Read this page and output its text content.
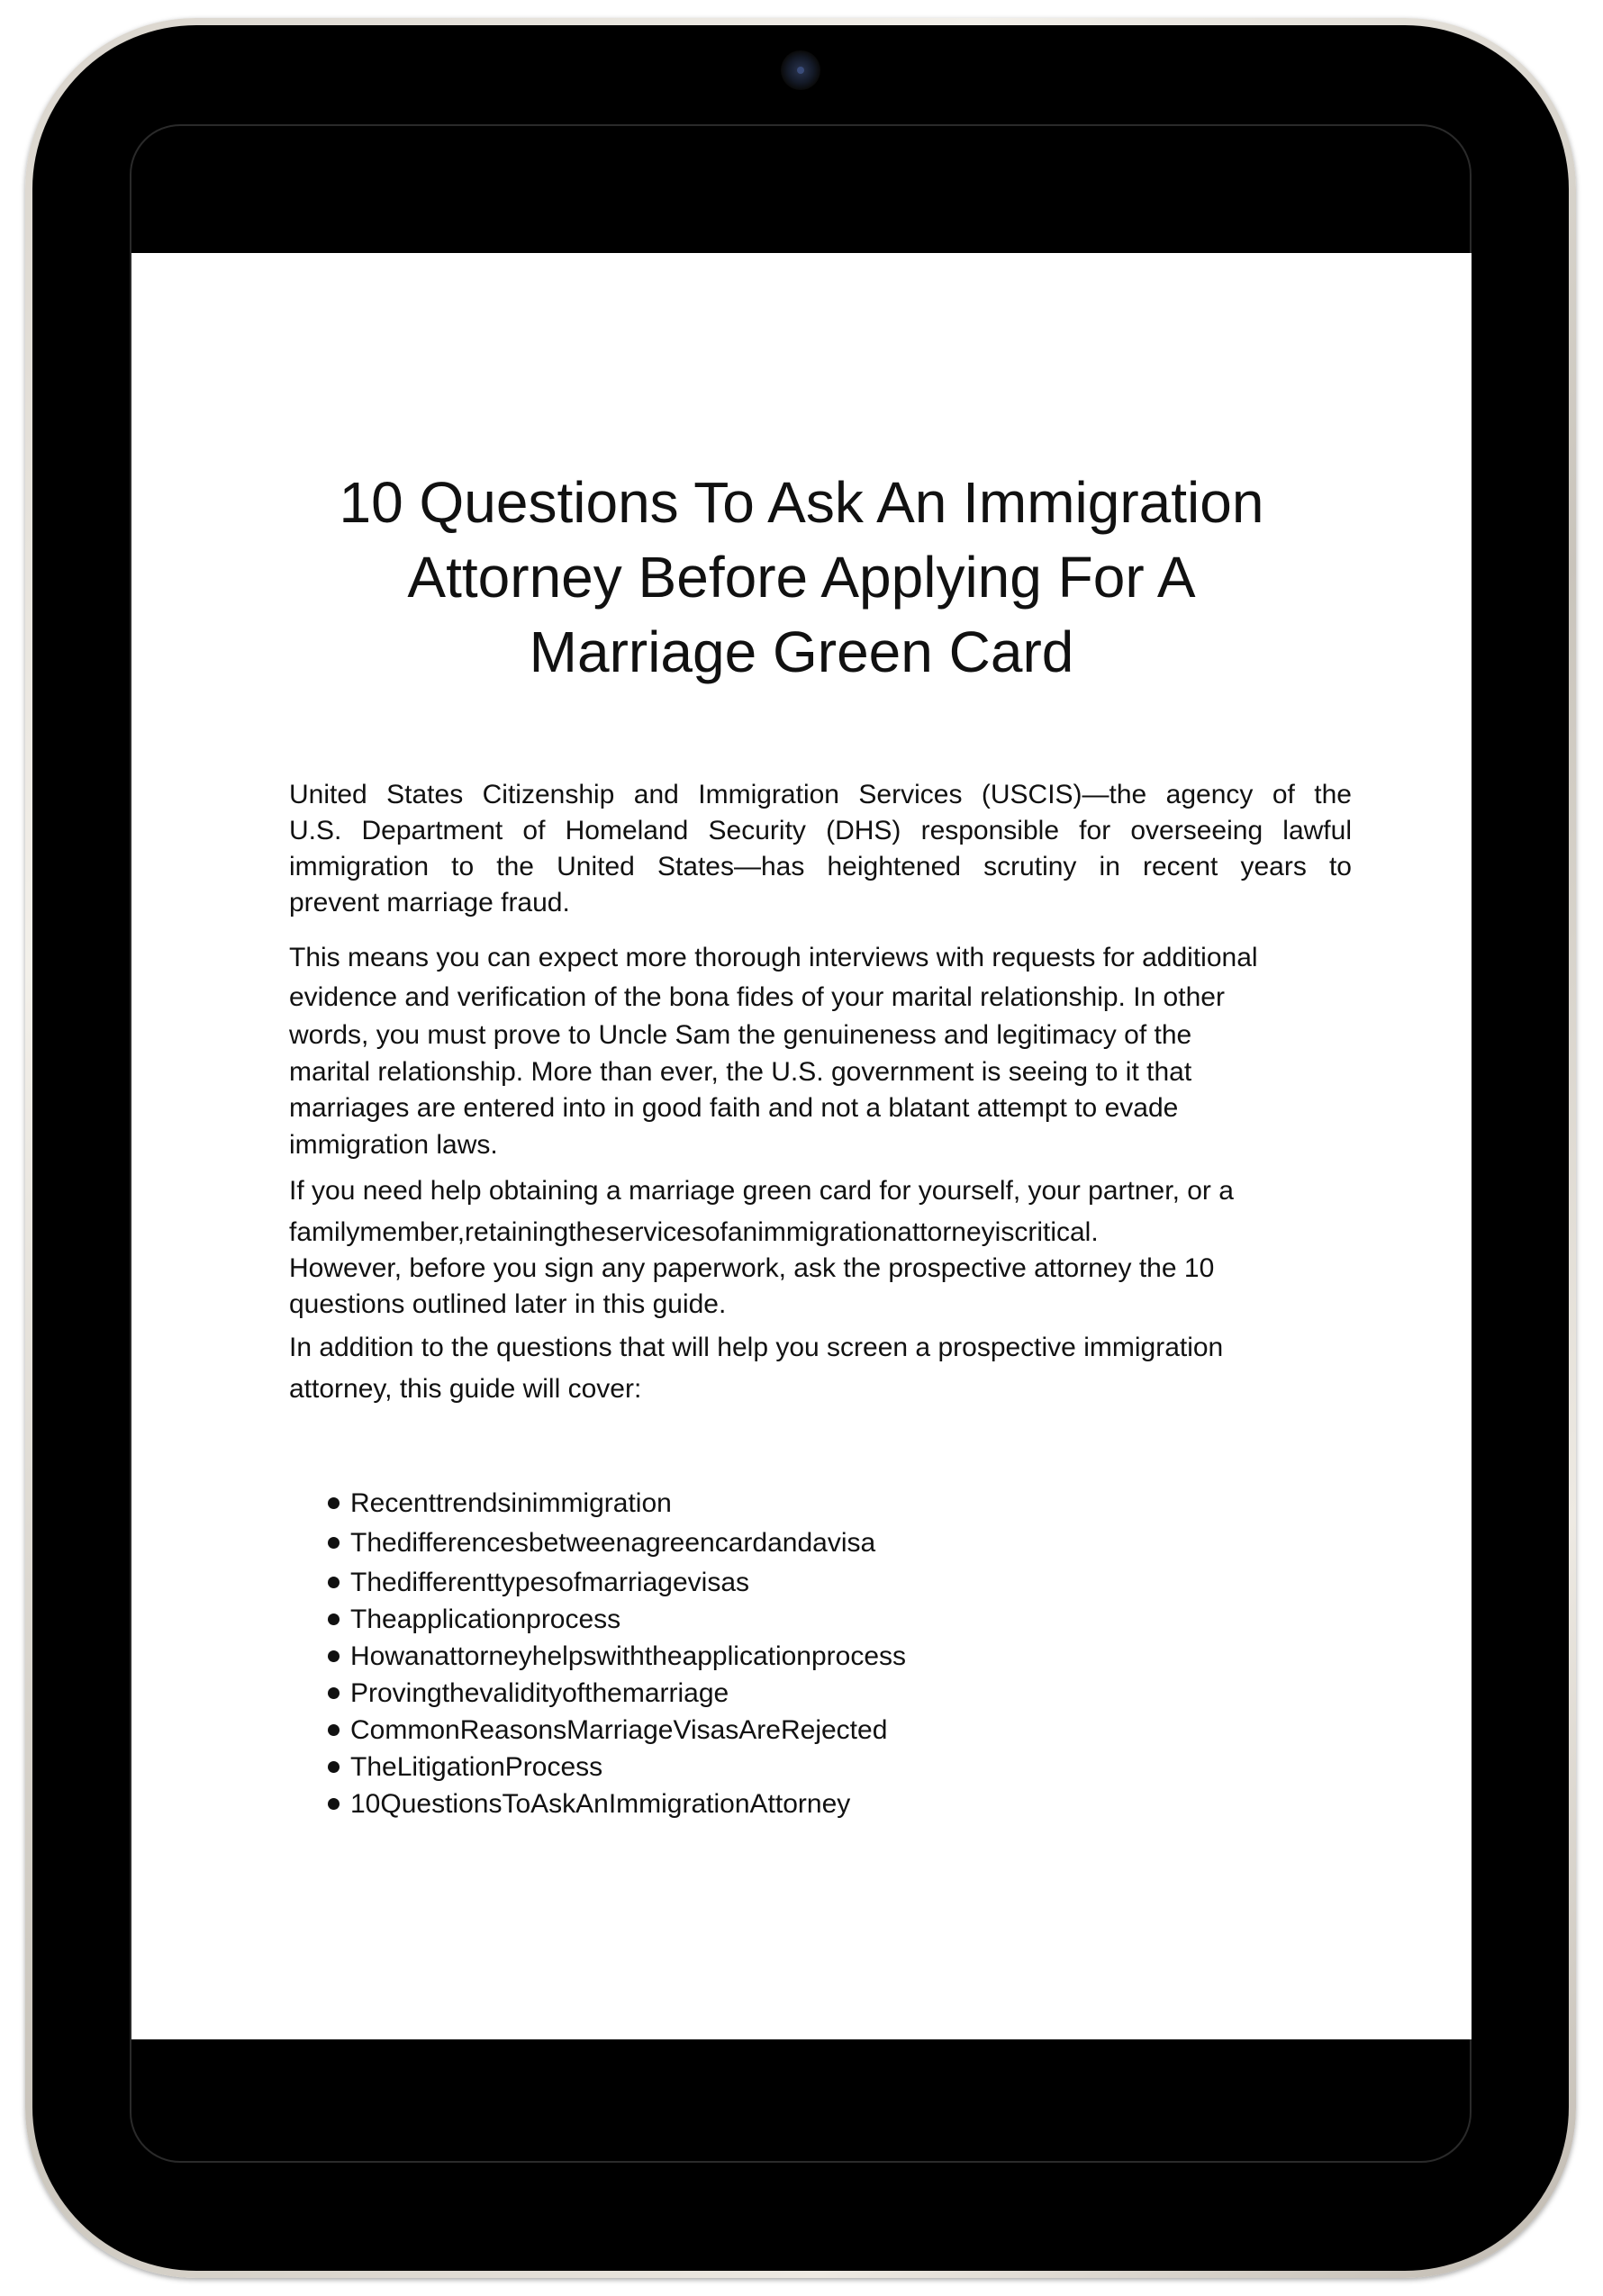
10 Questions To Ask An Immigration
Attorney Before Applying For A
Marriage Green Card

United States Citizenship and Immigration Services (USCIS)—the agency of the
U.S. Department of Homeland Security (DHS) responsible for overseeing lawful
immigration to the United States—has heightened scrutiny in recent years to
prevent marriage fraud.

This means you can expect more thorough interviews with requests for additional
evidence and verification of the bona fides of your marital relationship. In other
words, you must prove to Uncle Sam the genuineness and legitimacy of the
marital relationship. More than ever, the U.S. government is seeing to it that
marriages are entered into in good faith and not a blatant attempt to evade
immigration laws.

If you need help obtaining a marriage green card for yourself, your partner, or a
familymember,retainingtheservicesofanimmigrationattorneyiscritical.

However, before you sign any paperwork, ask the prospective attorney the 10
questions outlined later in this guide.

In addition to the questions that will help you screen a prospective immigration
attorney, this guide will cover:

Recenttrendsinimmigration
Thedifferencesbetweenagreencardandavisa
Thedifferenttypesofmarriagevisas
Theapplicationprocess
Howanattorneyhelpswiththeapplicationprocess
Provingthevalidityofthemarriage
CommonReasonsMarriageVisasAreRejected
TheLitigationProcess
10QuestionsToAskAnImmigrationAttorney
